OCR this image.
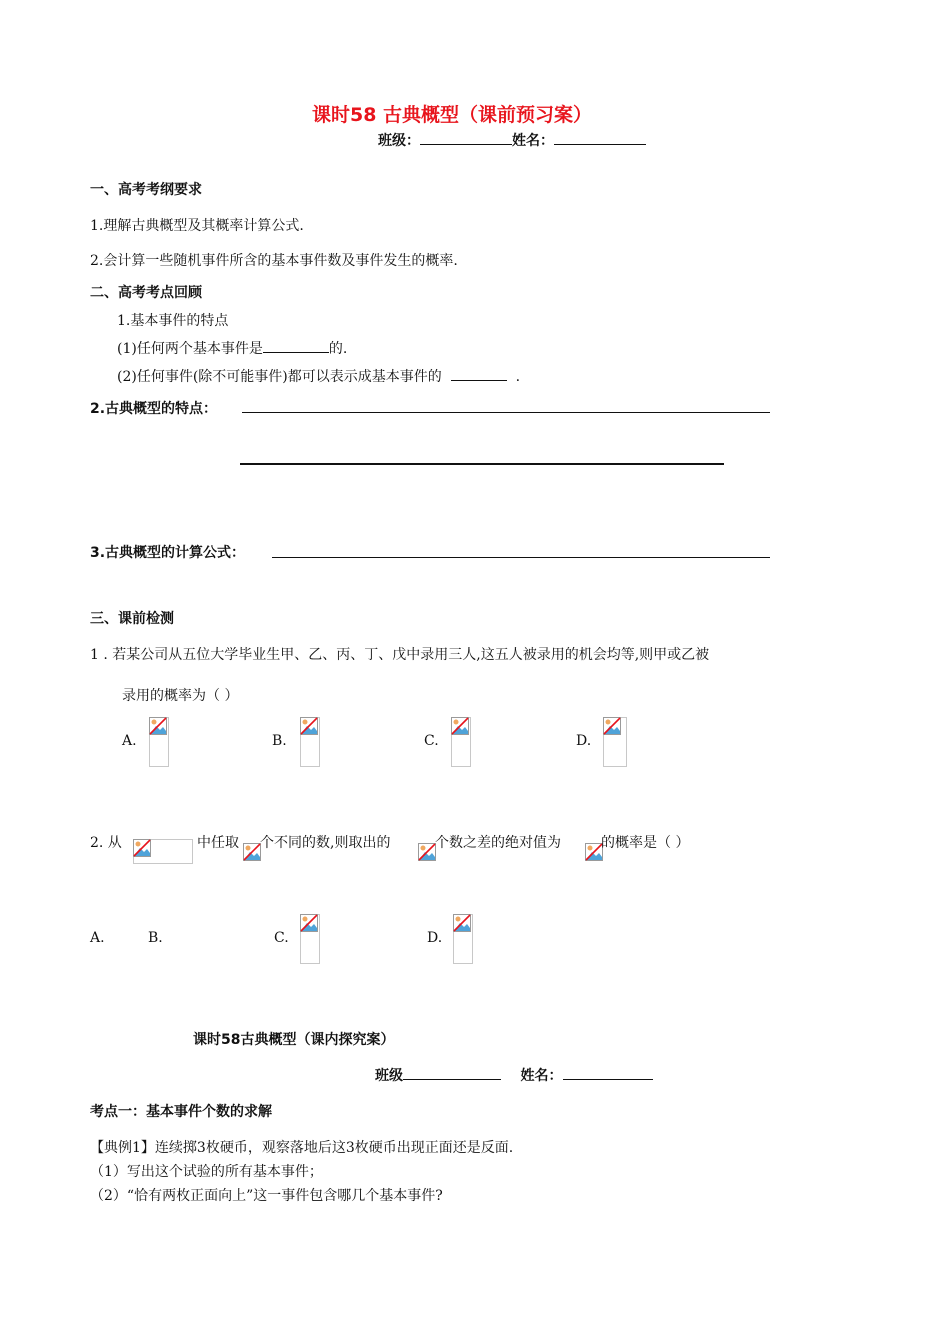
课时58 古典概型（课前预习案）
班级：	姓名：
一、高考考纲要求
1.理解古典概型及其概率计算公式.
2.会计算一些随机事件所含的基本事件数及事件发生的概率.
二、高考考点回顾
1.基本事件的特点
(1)任何两个基本事件是	的.
(2)任何事件(除不可能事件)都可以表示成基本事件的	.
2.古典概型的特点：
3.古典概型的计算公式：
三、课前检测
1 . 若某公司从五位大学毕业生甲、乙、丙、丁、戊中录用三人,这五人被录用的机会均等,则甲或乙被
录用的概率为（ ）
A.	B.	C.	D.
2. 从	中任取 个不同的数,则取出的	个数之差的绝对值为	的概率是（ ）
A.	B.	C.	D.
课时58古典概型（课内探究案）
班级	姓名：
考点一：基本事件个数的求解
【典例1】连续掷3枚硬币，观察落地后这3枚硬币出现正面还是反面.
（1）写出这个试验的所有基本事件；
（2）“恰有两枚正面向上”这一事件包含哪几个基本事件?
